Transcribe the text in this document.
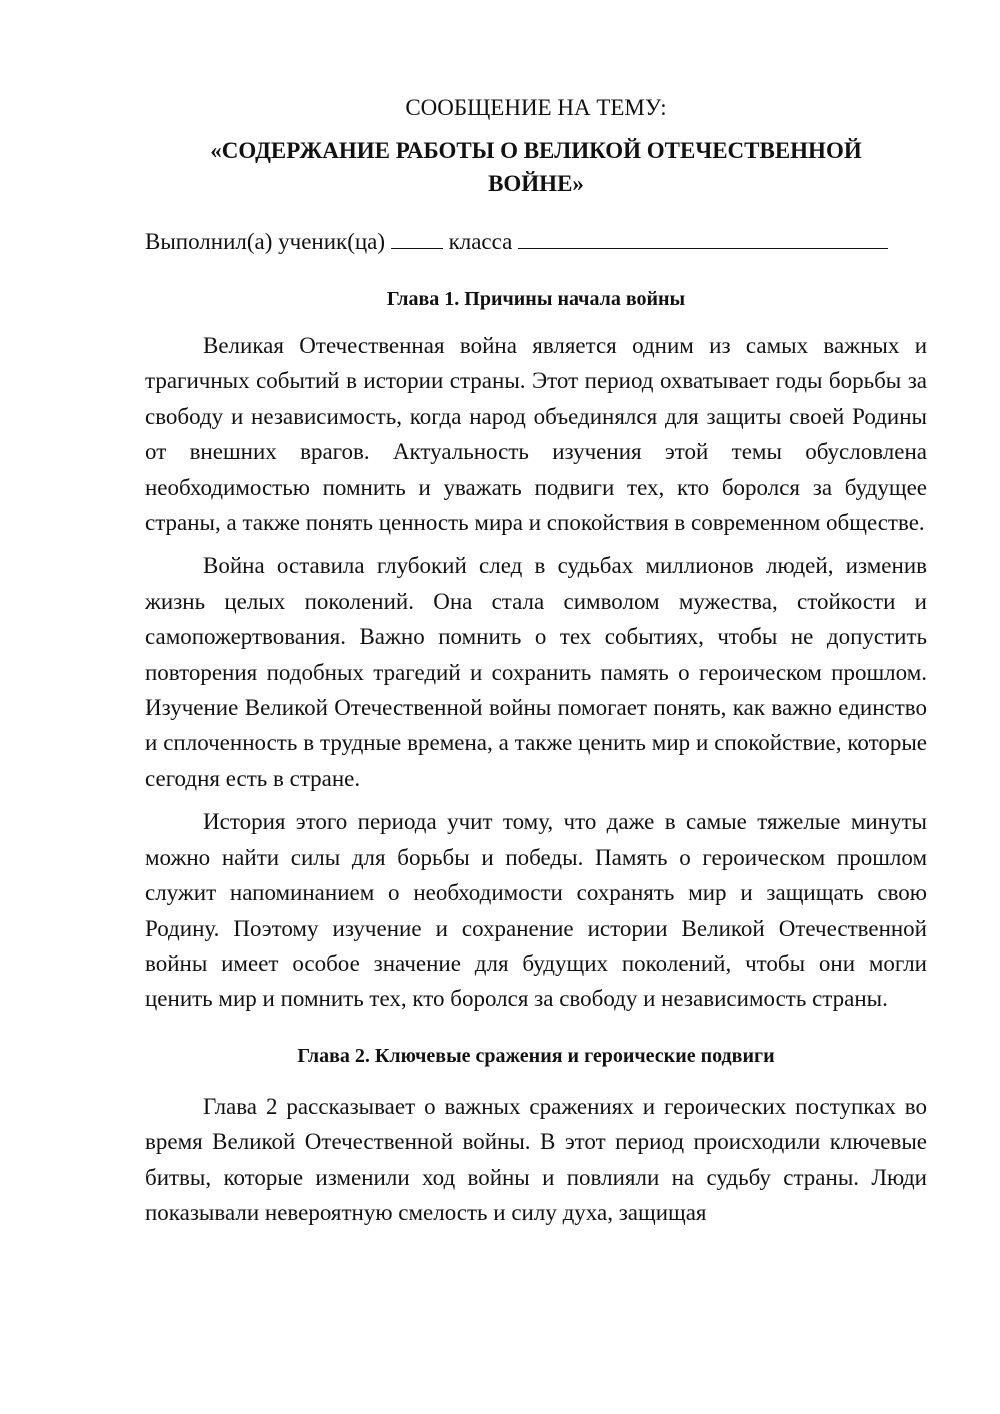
СООБЩЕНИЕ НА ТЕМУ:
«СОДЕРЖАНИЕ РАБОТЫ О ВЕЛИКОЙ ОТЕЧЕСТВЕННОЙ ВОЙНЕ»
Выполнил(а) ученик(ца)	класса
Глава 1. Причины начала войны

Великая Отечественная война является одним из самых важных и трагичных событий в истории страны. Этот период охватывает годы борьбы за свободу и независимость, когда народ объединялся для защиты своей Родины от внешних врагов. Актуальность изучения этой темы обусловлена необходимостью помнить и уважать подвиги тех, кто боролся за будущее страны, а также понять ценность мира и спокойствия в современном обществе.

Война оставила глубокий след в судьбах миллионов людей, изменив жизнь целых поколений. Она стала символом мужества, стойкости и самопожертвования. Важно помнить о тех событиях, чтобы не допустить повторения подобных трагедий и сохранить память о героическом прошлом. Изучение Великой Отечественной войны помогает понять, как важно единство и сплоченность в трудные времена, а также ценить мир и спокойствие, которые сегодня есть в стране.

История этого периода учит тому, что даже в самые тяжелые минуты можно найти силы для борьбы и победы. Память о героическом прошлом служит напоминанием о необходимости сохранять мир и защищать свою Родину. Поэтому изучение и сохранение истории Великой Отечественной войны имеет особое значение для будущих поколений, чтобы они могли ценить мир и помнить тех, кто боролся за свободу и независимость страны.

Глава 2. Ключевые сражения и героические подвиги

Глава 2 рассказывает о важных сражениях и героических поступках во время Великой Отечественной войны. В этот период происходили ключевые битвы, которые изменили ход войны и повлияли на судьбу страны. Люди показывали невероятную смелость и силу духа, защищая
